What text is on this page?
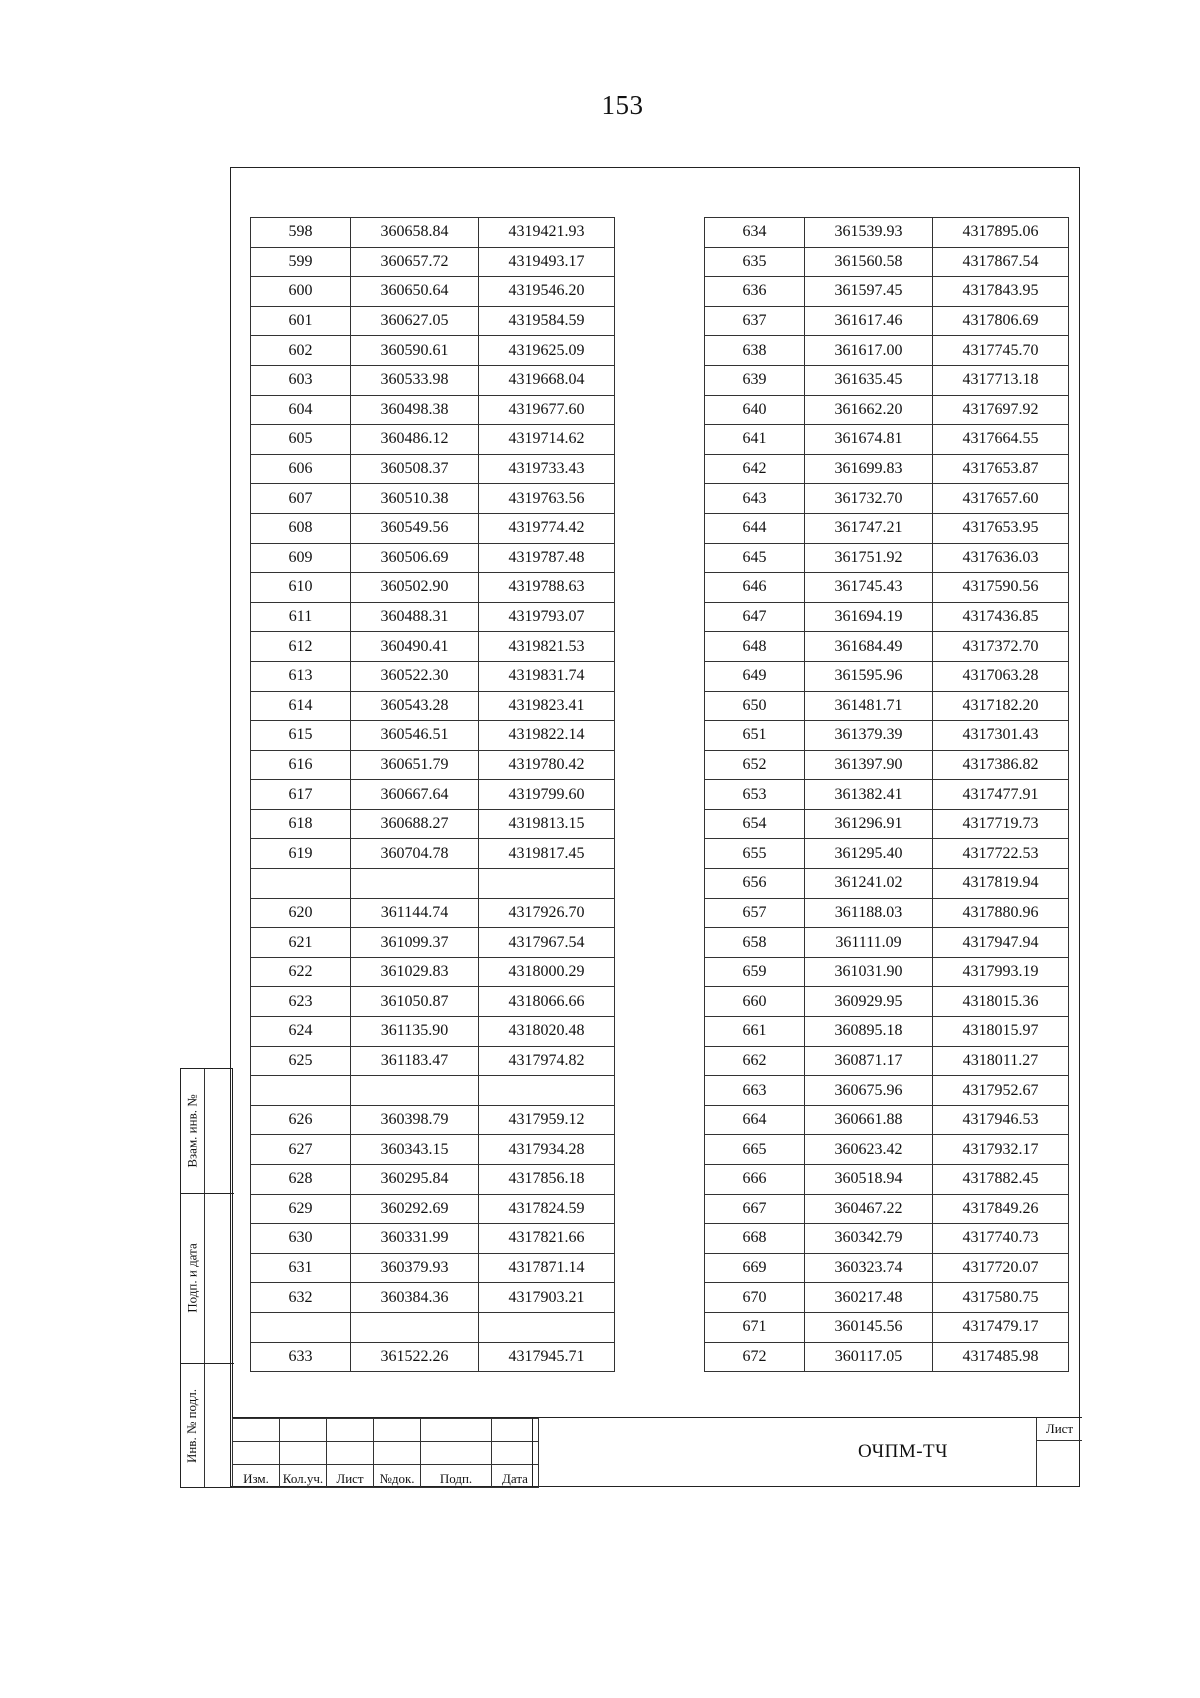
153
598	360658.84	4319421.93
599	360657.72	4319493.17
600	360650.64	4319546.20
601	360627.05	4319584.59
602	360590.61	4319625.09
603	360533.98	4319668.04
604	360498.38	4319677.60
605	360486.12	4319714.62
606	360508.37	4319733.43
607	360510.38	4319763.56
608	360549.56	4319774.42
609	360506.69	4319787.48
610	360502.90	4319788.63
611	360488.31	4319793.07
612	360490.41	4319821.53
613	360522.30	4319831.74
614	360543.28	4319823.41
615	360546.51	4319822.14
616	360651.79	4319780.42
617	360667.64	4319799.60
618	360688.27	4319813.15
619	360704.78	4319817.45

620	361144.74	4317926.70
621	361099.37	4317967.54
622	361029.83	4318000.29
623	361050.87	4318066.66
624	361135.90	4318020.48
625	361183.47	4317974.82

626	360398.79	4317959.12
627	360343.15	4317934.28
628	360295.84	4317856.18
629	360292.69	4317824.59
630	360331.99	4317821.66
631	360379.93	4317871.14
632	360384.36	4317903.21

633	361522.26	4317945.71
634	361539.93	4317895.06
635	361560.58	4317867.54
636	361597.45	4317843.95
637	361617.46	4317806.69
638	361617.00	4317745.70
639	361635.45	4317713.18
640	361662.20	4317697.92
641	361674.81	4317664.55
642	361699.83	4317653.87
643	361732.70	4317657.60
644	361747.21	4317653.95
645	361751.92	4317636.03
646	361745.43	4317590.56
647	361694.19	4317436.85
648	361684.49	4317372.70
649	361595.96	4317063.28
650	361481.71	4317182.20
651	361379.39	4317301.43
652	361397.90	4317386.82
653	361382.41	4317477.91
654	361296.91	4317719.73
655	361295.40	4317722.53
656	361241.02	4317819.94
657	361188.03	4317880.96
658	361111.09	4317947.94
659	361031.90	4317993.19
660	360929.95	4318015.36
661	360895.18	4318015.97
662	360871.17	4318011.27
663	360675.96	4317952.67
664	360661.88	4317946.53
665	360623.42	4317932.17
666	360518.94	4317882.45
667	360467.22	4317849.26
668	360342.79	4317740.73
669	360323.74	4317720.07
670	360217.48	4317580.75
671	360145.56	4317479.17
672	360117.05	4317485.98
Взам. инв. №
Подп. и дата
Инв. № подл.

Изм.	Кол.уч.	Лист	№док.	Подп.	Дата
ОЧПМ-ТЧ
Лист
